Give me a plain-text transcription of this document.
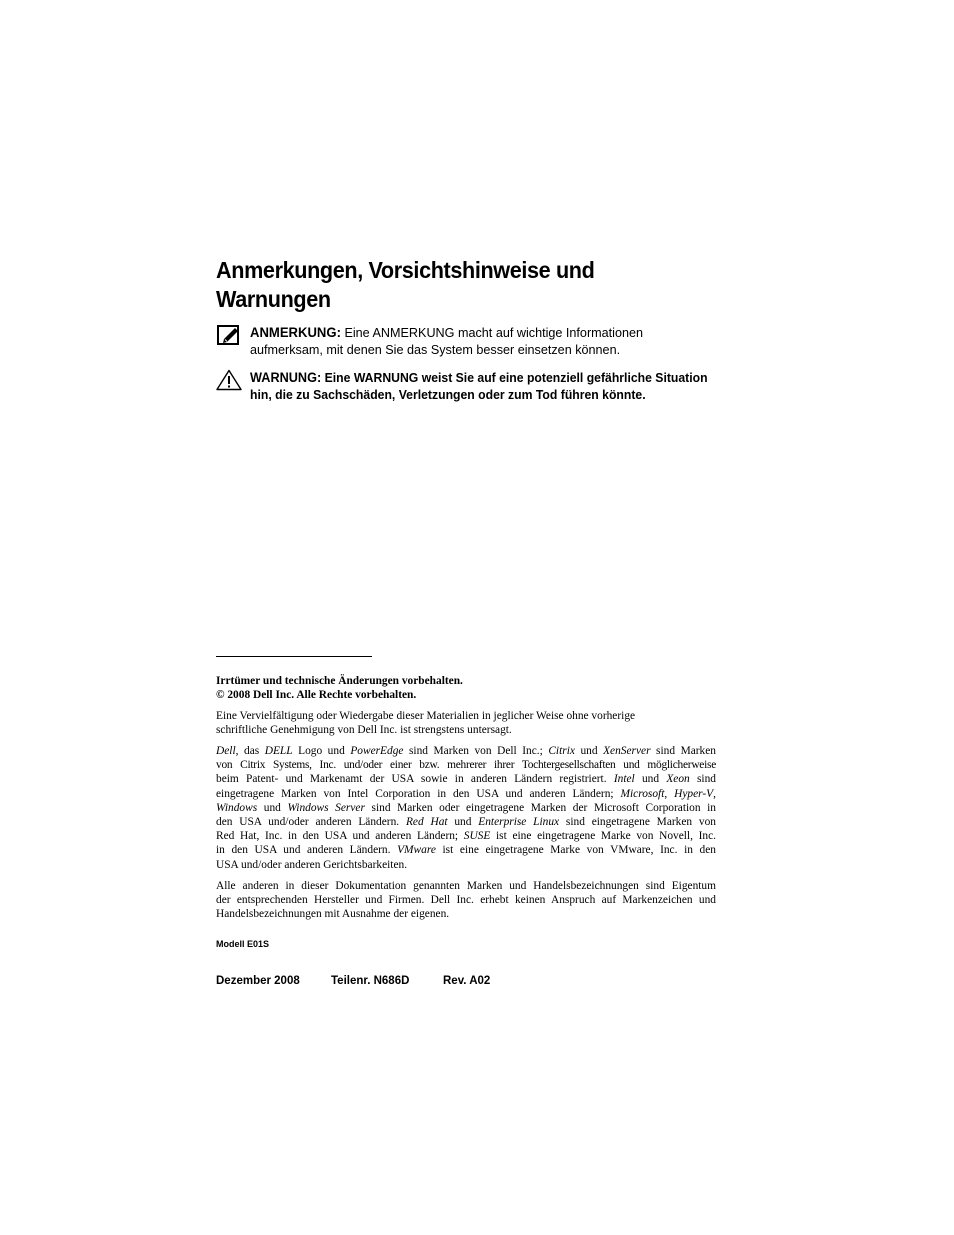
Anmerkungen, Vorsichtshinweise und
Warnungen
ANMERKUNG: Eine ANMERKUNG macht auf wichtige Informationen
aufmerksam, mit denen Sie das System besser einsetzen können.
WARNUNG: Eine WARNUNG weist Sie auf eine potenziell gefährliche Situation
hin, die zu Sachschäden, Verletzungen oder zum Tod führen könnte.
Irrtümer und technische Änderungen vorbehalten.
© 2008 Dell Inc. Alle Rechte vorbehalten.
Eine Vervielfältigung oder Wiedergabe dieser Materialien in jeglicher Weise ohne vorherige
schriftliche Genehmigung von Dell Inc. ist strengstens untersagt.
Dell, das DELL Logo und PowerEdge sind Marken von Dell Inc.; Citrix und XenServer sind Marken
von Citrix Systems, Inc. und/oder einer bzw. mehrerer ihrer Tochtergesellschaften und möglicherweise
beim Patent- und Markenamt der USA sowie in anderen Ländern registriert. Intel und Xeon sind
eingetragene Marken von Intel Corporation in den USA und anderen Ländern; Microsoft, Hyper-V,
Windows und Windows Server sind Marken oder eingetragene Marken der Microsoft Corporation in
den USA und/oder anderen Ländern. Red Hat und Enterprise Linux sind eingetragene Marken von
Red Hat, Inc. in den USA und anderen Ländern; SUSE ist eine eingetragene Marke von Novell, Inc.
in den USA und anderen Ländern. VMware ist eine eingetragene Marke von VMware, Inc. in den
USA und/oder anderen Gerichtsbarkeiten.
Alle anderen in dieser Dokumentation genannten Marken und Handelsbezeichnungen sind Eigentum
der entsprechenden Hersteller und Firmen. Dell Inc. erhebt keinen Anspruch auf Markenzeichen und
Handelsbezeichnungen mit Ausnahme der eigenen.
Modell E01S
Dezember 2008	Teilenr. N686D	Rev. A02
